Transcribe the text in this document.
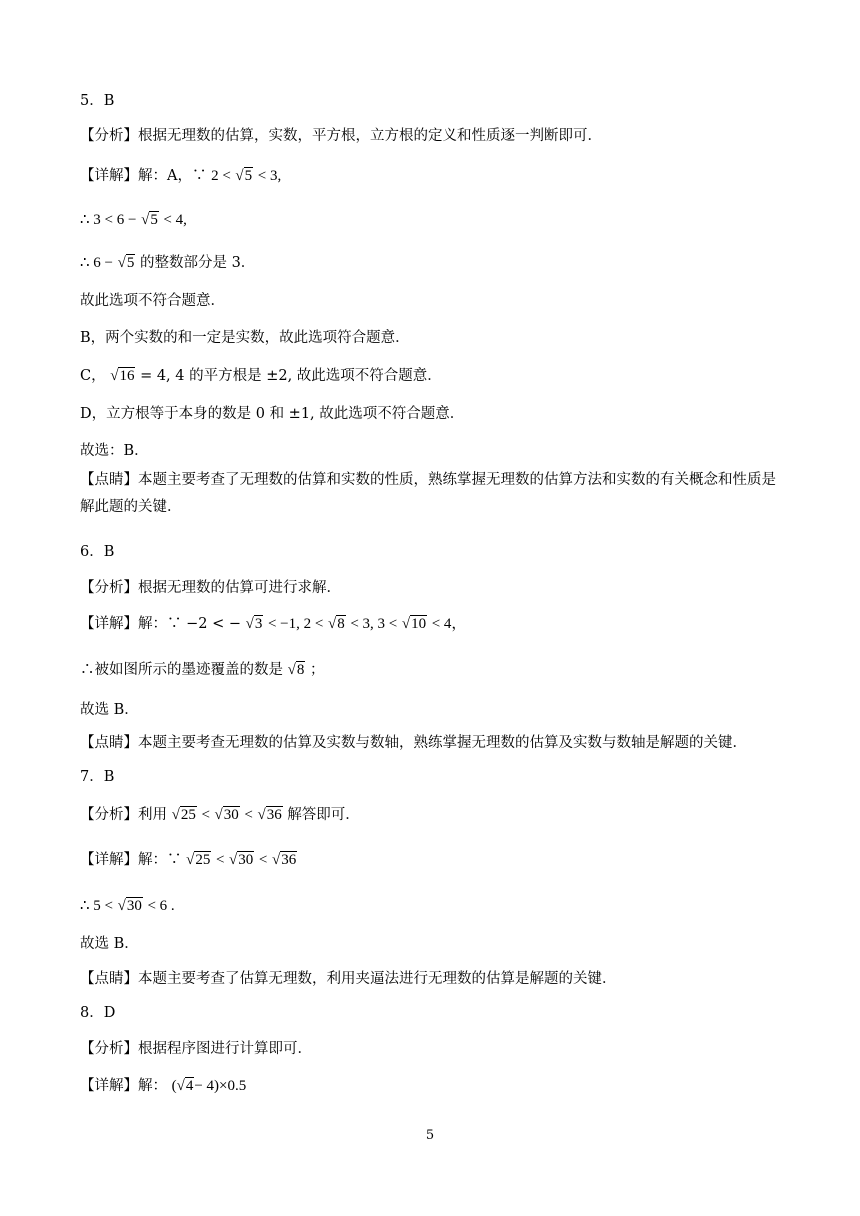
5．B
【分析】根据无理数的估算，实数，平方根，立方根的定义和性质逐一判断即可．
【详解】解：A，∵ 2 < √5 < 3,
∴ 3 < 6 − √5 < 4,
∴ 6 − √5 的整数部分是 3．
故此选项不符合题意．
B，两个实数的和一定是实数，故此选项符合题意．
C， √16 = 4, 4 的平方根是 ±2, 故此选项不符合题意．
D，立方根等于本身的数是 0 和 ±1, 故此选项不符合题意．
故选：B．
【点睛】本题主要考查了无理数的估算和实数的性质，熟练掌握无理数的估算方法和实数的有关概念和性质是解此题的关键．
6．B
【分析】根据无理数的估算可进行求解．
【详解】解：∵ −2 < − √3 < −1, 2 < √8 < 3, 3 < √10 < 4，
∴被如图所示的墨迹覆盖的数是 √8 ；
故选 B．
【点睛】本题主要考查无理数的估算及实数与数轴，熟练掌握无理数的估算及实数与数轴是解题的关键．
7．B
【分析】利用 √25 < √30 < √36 解答即可．
【详解】解：∵ √25 < √30 < √36
∴ 5 < √30 < 6 .
故选 B．
【点睛】本题主要考查了估算无理数，利用夹逼法进行无理数的估算是解题的关键．
8．D
【分析】根据程序图进行计算即可．
【详解】解： (√4− 4)×0.5
5
